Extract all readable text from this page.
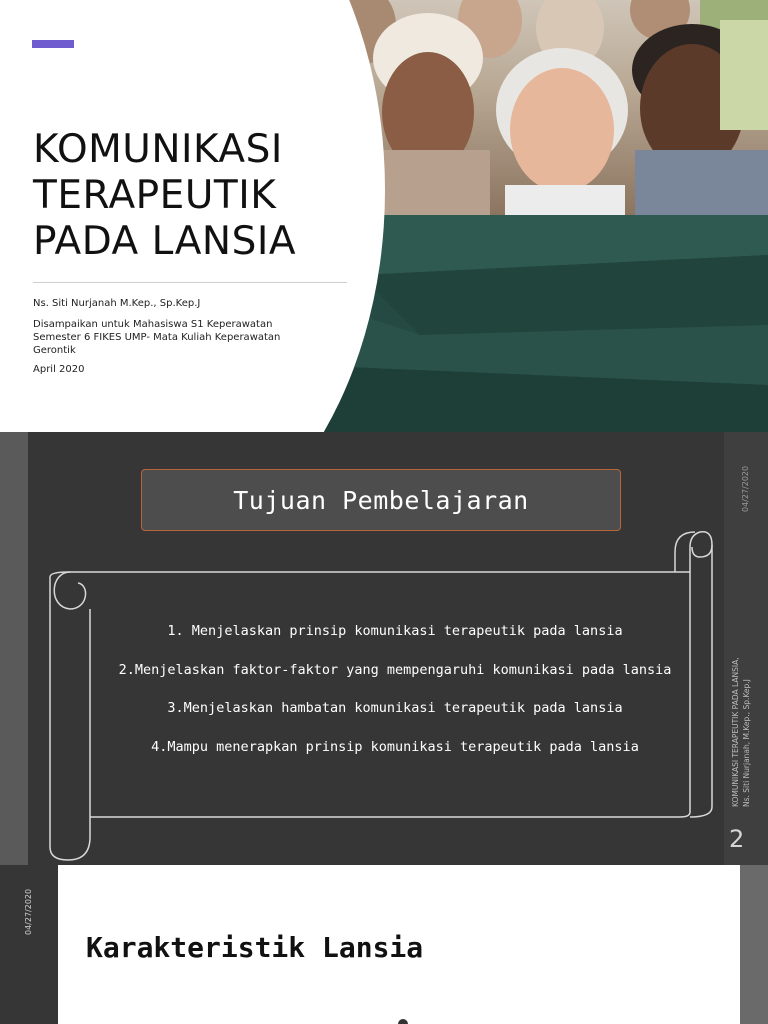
KOMUNIKASI
TERAPEUTIK
PADA LANSIA

Ns. Siti Nurjanah M.Kep., Sp.Kep.J

Disampaikan untuk Mahasiswa S1 Keperawatan
Semester 6 FIKES UMP- Mata Kuliah Keperawatan
Gerontik

April 2020

Tujuan Pembelajaran
1. Menjelaskan prinsip komunikasi terapeutik pada lansia
2.Menjelaskan faktor-faktor yang mempengaruhi komunikasi pada lansia
3.Menjelaskan hambatan komunikasi terapeutik pada lansia
4.Mampu menerapkan prinsip komunikasi terapeutik pada lansia
04/27/2020
KOMUNIKASI TERAPEUTIK PADA LANSIA, Ns. Siti Nurjanah, M.Kep., Sp.Kep.J
2
04/27/2020
Karakteristik Lansia
